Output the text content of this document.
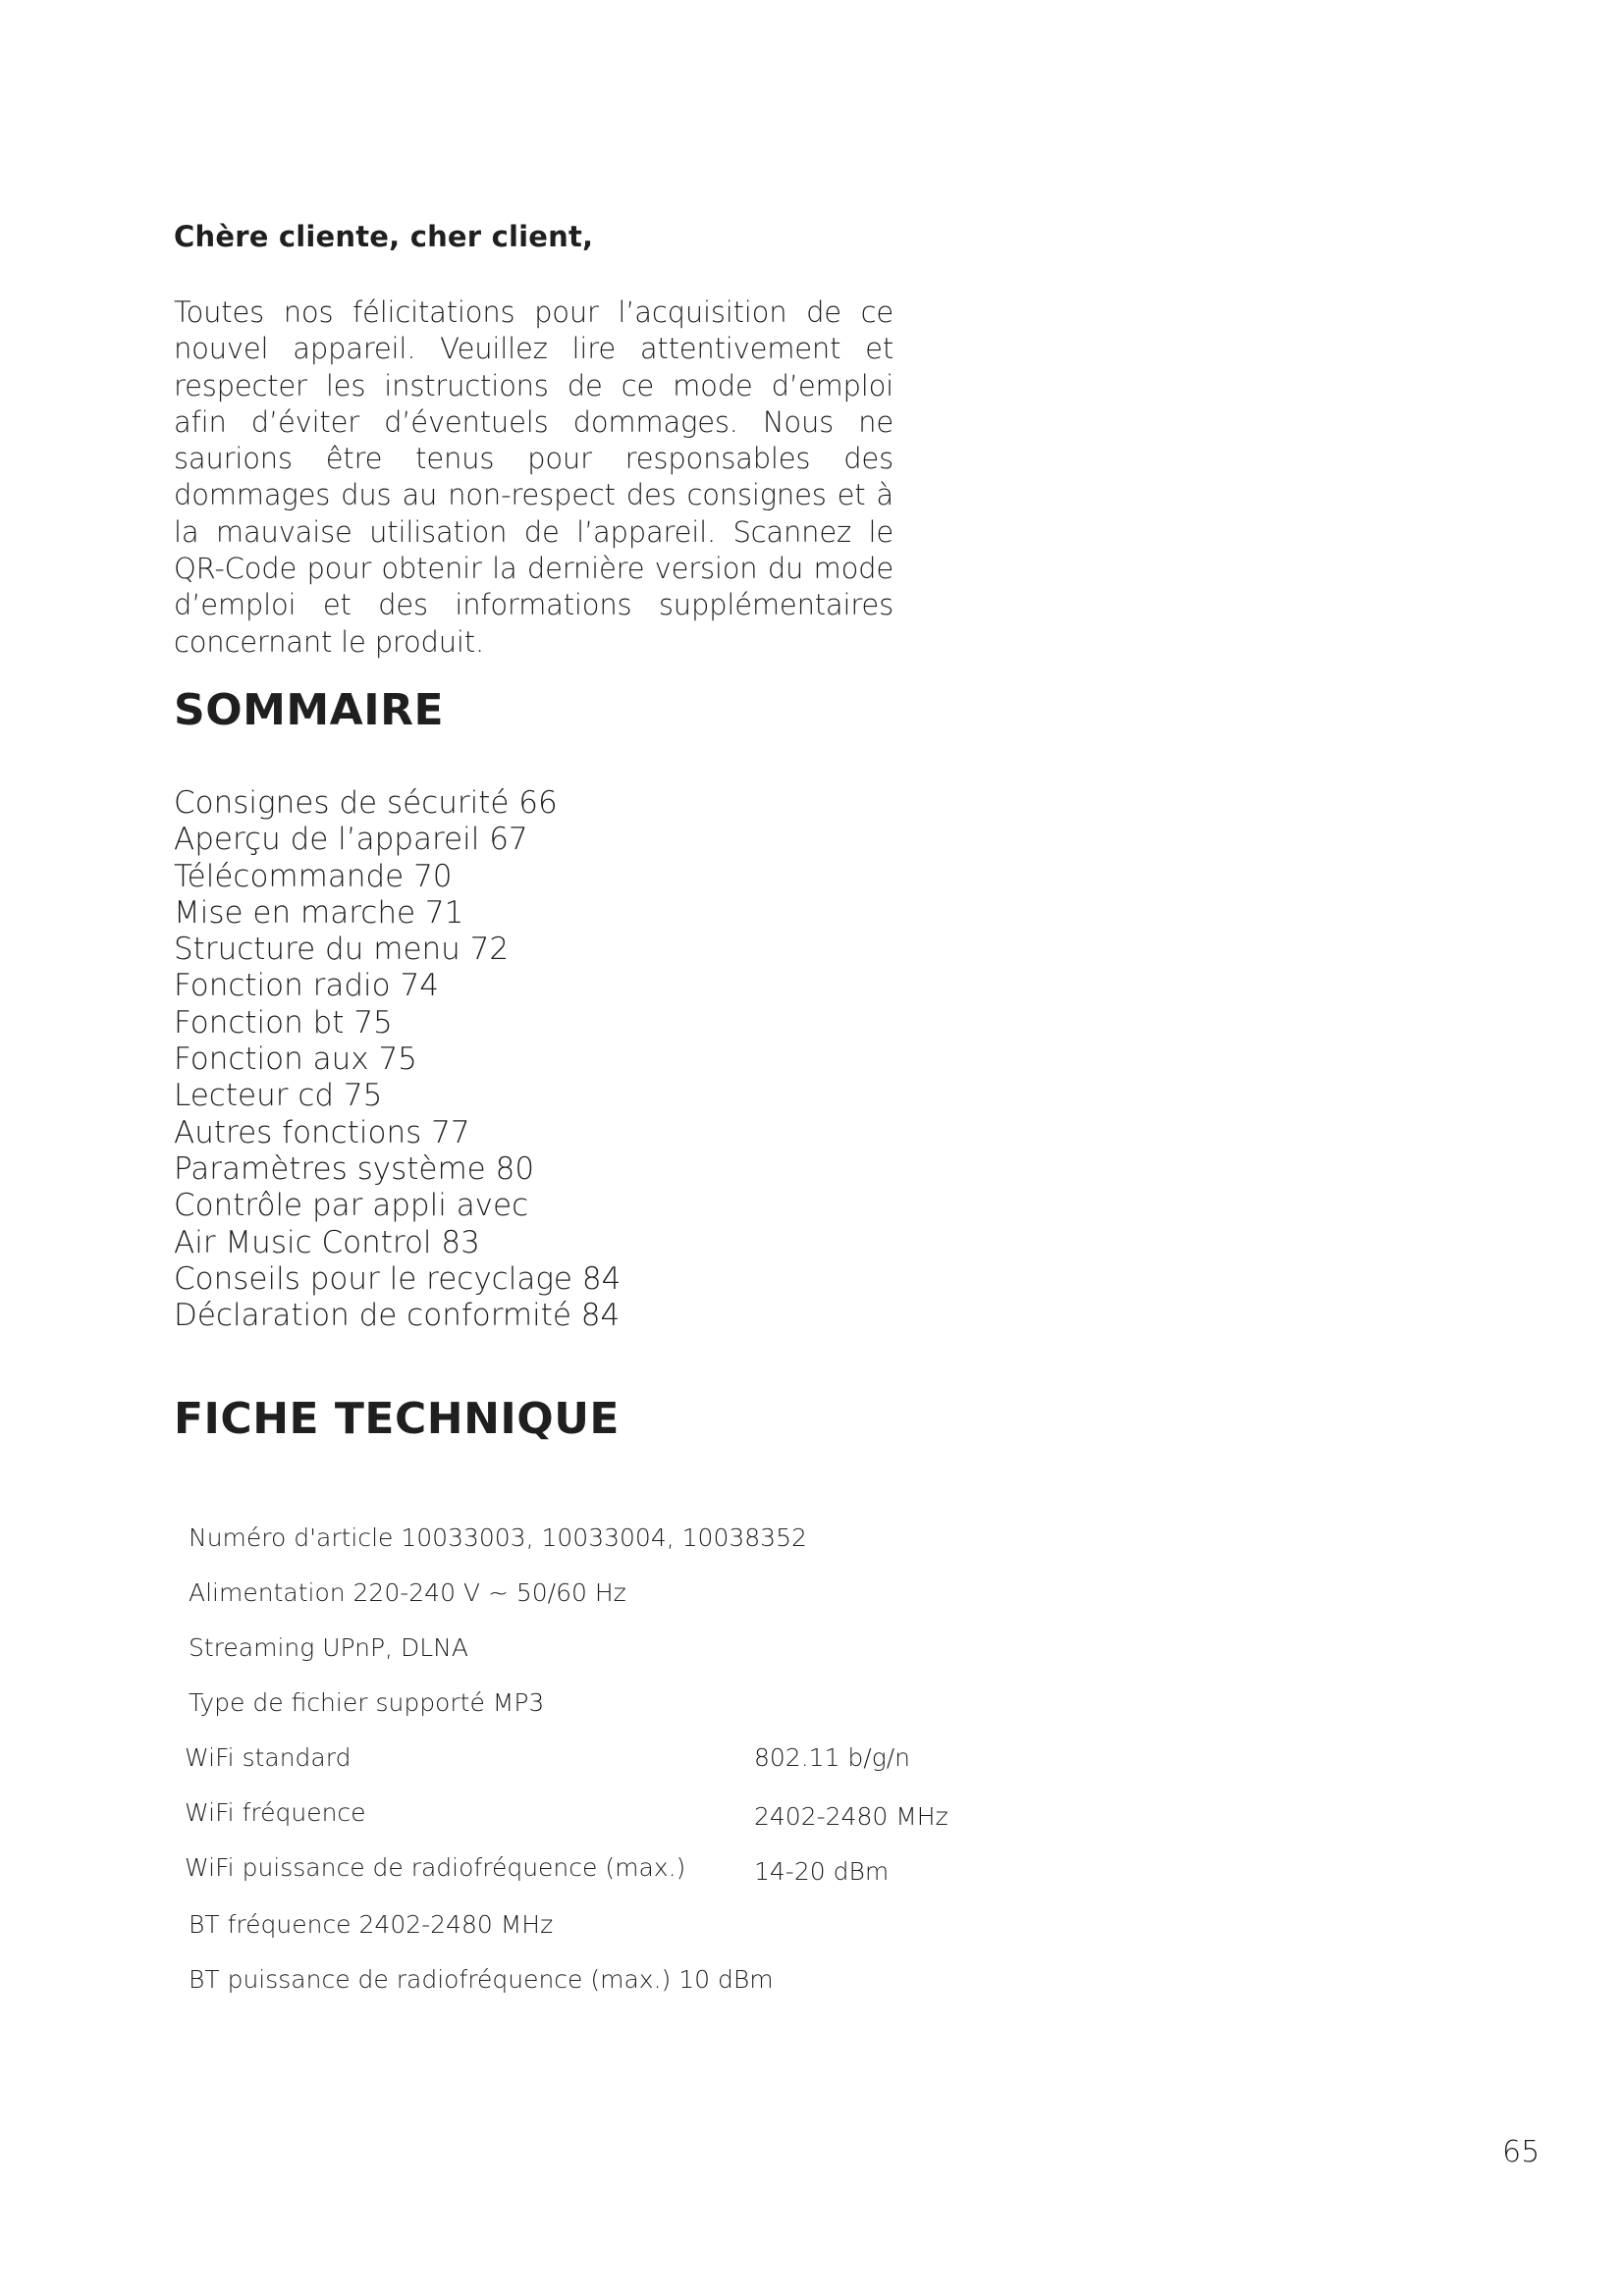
Chère cliente, cher client,

Toutes nos félicitations pour l’acquisition de ce nouvel appareil. Veuillez lire attentivement et respecter les instructions de ce mode d’emploi afin d’éviter d’éventuels dommages. Nous ne saurions être tenus pour responsables des dommages dus au non-respect des consignes et à la mauvaise utilisation de l’appareil. Scannez le QR-Code pour obtenir la dernière version du mode d’emploi et des informations supplémentaires concernant le produit.

SOMMAIRE
Consignes de sécurité 66
Aperçu de l’appareil 67
Télécommande 70
Mise en marche 71
Structure du menu 72
Fonction radio 74
Fonction bt 75
Fonction aux 75
Lecteur cd 75
Autres fonctions 77
Paramètres système 80
Contrôle par appli avec
Air Music Control 83
Conseils pour le recyclage 84
Déclaration de conformité 84
FICHE TECHNIQUE

Numéro d'article 10033003, 10033004, 10038352

Alimentation 220-240 V ~ 50/60 Hz

Streaming UPnP, DLNA

Type de fichier supporté MP3

WiFi standard	802.11 b/g/n

WiFi fréquence	2402-2480 MHz

WiFi puissance de radiofréquence (max.)	14-20 dBm

BT fréquence 2402-2480 MHz

BT puissance de radiofréquence (max.) 10 dBm

65
